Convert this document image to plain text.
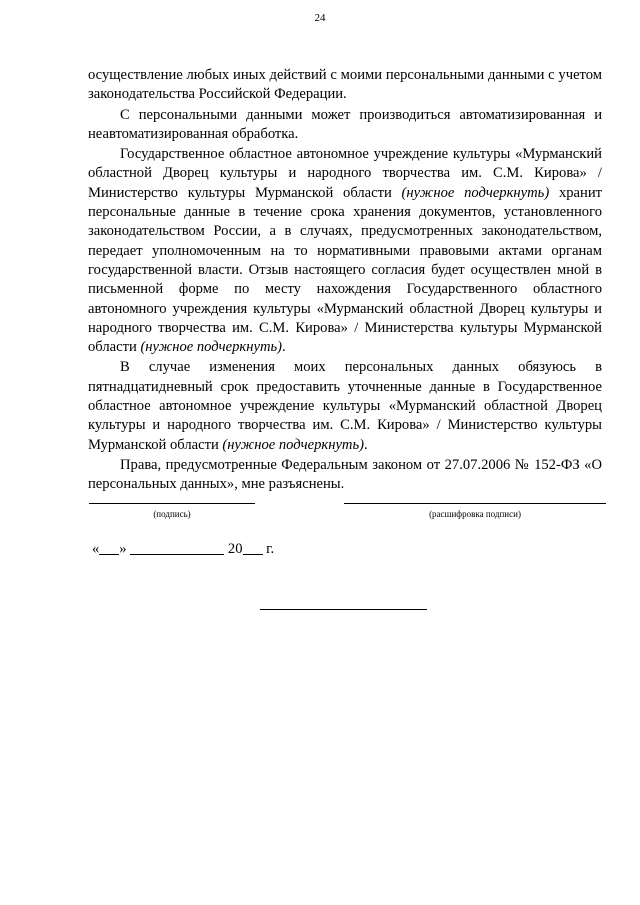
24

осуществление любых иных действий с моими персональными данными с учетом законодательства Российской Федерации.

С персональными данными может производиться автоматизированная и неавтоматизированная обработка.

Государственное областное автономное учреждение культуры «Мурманский областной Дворец культуры и народного творчества им. С.М. Кирова» / Министерство культуры Мурманской области (нужное подчеркнуть) хранит персональные данные в течение срока хранения документов, установленного законодательством России, а в случаях, предусмотренных законодательством, передает уполномоченным на то нормативными правовыми актами органам государственной власти. Отзыв настоящего согласия будет осуществлен мной в письменной форме по месту нахождения Государственного областного автономного учреждения культуры «Мурманский областной Дворец культуры и народного творчества им. С.М. Кирова» / Министерства культуры Мурманской области (нужное подчеркнуть).

В случае изменения моих персональных данных обязуюсь в пятнадцатидневный срок предоставить уточненные данные в Государственное областное автономное учреждение культуры «Мурманский областной Дворец культуры и народного творчества им. С.М. Кирова» / Министерство культуры Мурманской области (нужное подчеркнуть).

Права, предусмотренные Федеральным законом от 27.07.2006 № 152-ФЗ «О персональных данных», мне разъяснены.

(подпись)	(расшифровка подписи)
« »	20 г.
